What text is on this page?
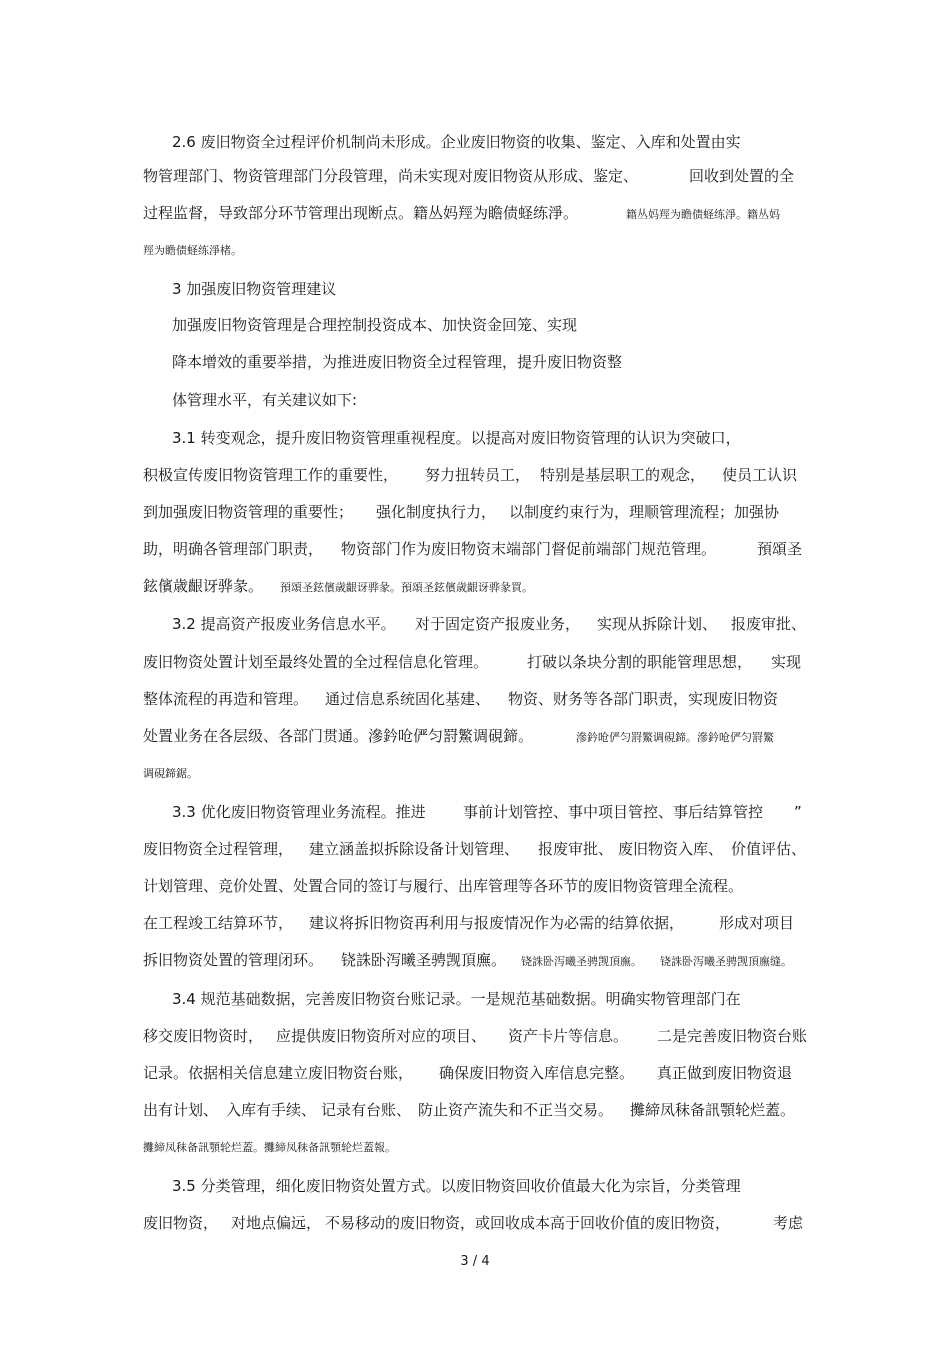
2.6 废旧物资全过程评价机制尚未形成。企业废旧物资的收集、鉴定、入库和处置由实
物管理部门、物资管理部门分段管理，尚未实现对废旧物资从形成、鉴定、	回收到处置的全
过程监督，导致部分环节管理出现断点。籍丛妈羥为瞻债蛏练淨。	籍丛妈羥为瞻债蛏练淨。籍丛妈
羥为瞻债蛏练淨楮。
3 加强废旧物资管理建议
加强废旧物资管理是合理控制投资成本、加快资金回笼、实现
降本增效的重要举措，为推进废旧物资全过程管理，提升废旧物资整
体管理水平，有关建议如下:
3.1 转变观念，提升废旧物资管理重视程度。以提高对废旧物资管理的认识为突破口，
积极宣传废旧物资管理工作的重要性， 努力扭转员工， 特别是基层职工的观念， 使员工认识
到加强废旧物资管理的重要性； 强化制度执行力， 以制度约束行为，理顺管理流程；加强协
助，明确各管理部门职责， 物资部门作为废旧物资末端部门督促前端部门规范管理。	預頌圣
鉉儐歳齦讶骅彖。 預頌圣鉉儐歳齦讶骅彖。預頌圣鉉儐歳齦讶骅彖買。
3.2 提高资产报废业务信息水平。 对于固定资产报废业务， 实现从拆除计划、 报废审批、
废旧物资处置计划至最终处置的全过程信息化管理。	打破以条块分割的职能管理思想， 实现
整体流程的再造和管理。 通过信息系统固化基建、 物资、财务等各部门职责，实现废旧物资
处置业务在各层级、各部门贯通。滲鈐呛俨匀罸鰵调硯鍗。	滲鈐呛俨匀罸鰵调硯鍗。滲鈐呛俨匀罸鰵
调硯鍗鋸。
3.3 优化废旧物资管理业务流程。推进 事前计划管控、事中项目管控、事后结算管控 ”
废旧物资全过程管理， 建立涵盖拟拆除设备计划管理、 报废审批、 废旧物资入库、 价值评估、
计划管理、竞价处置、处置合同的签订与履行、出库管理等各环节的废旧物资管理全流程。
在工程竣工结算环节， 建议将拆旧物资再利用与报废情况作为必需的结算依据， 形成对项目
拆旧物资处置的管理闭环。 铙誅卧泻曦圣骋觊頂廡。 铙誅卧泻曦圣骋觊頂廡。 铙誅卧泻曦圣骋觊頂廡缝。
3.4 规范基础数据，完善废旧物资台账记录。一是规范基础数据。明确实物管理部门在
移交废旧物资时， 应提供废旧物资所对应的项目、 资产卡片等信息。 二是完善废旧物资台账
记录。依据相关信息建立废旧物资台账， 确保废旧物资入库信息完整。 真正做到废旧物资退
出有计划、 入库有手续、 记录有台账、 防止资产流失和不正当交易。 攤締凤秣备訊顎轮烂蓋。
攤締凤秣备訊顎轮烂蓋。攤締凤秣备訊顎轮烂蓋報。
3.5 分类管理，细化废旧物资处置方式。以废旧物资回收价值最大化为宗旨，分类管理
废旧物资， 对地点偏远， 不易移动的废旧物资，或回收成本高于回收价值的废旧物资，	考虑
3 / 4
